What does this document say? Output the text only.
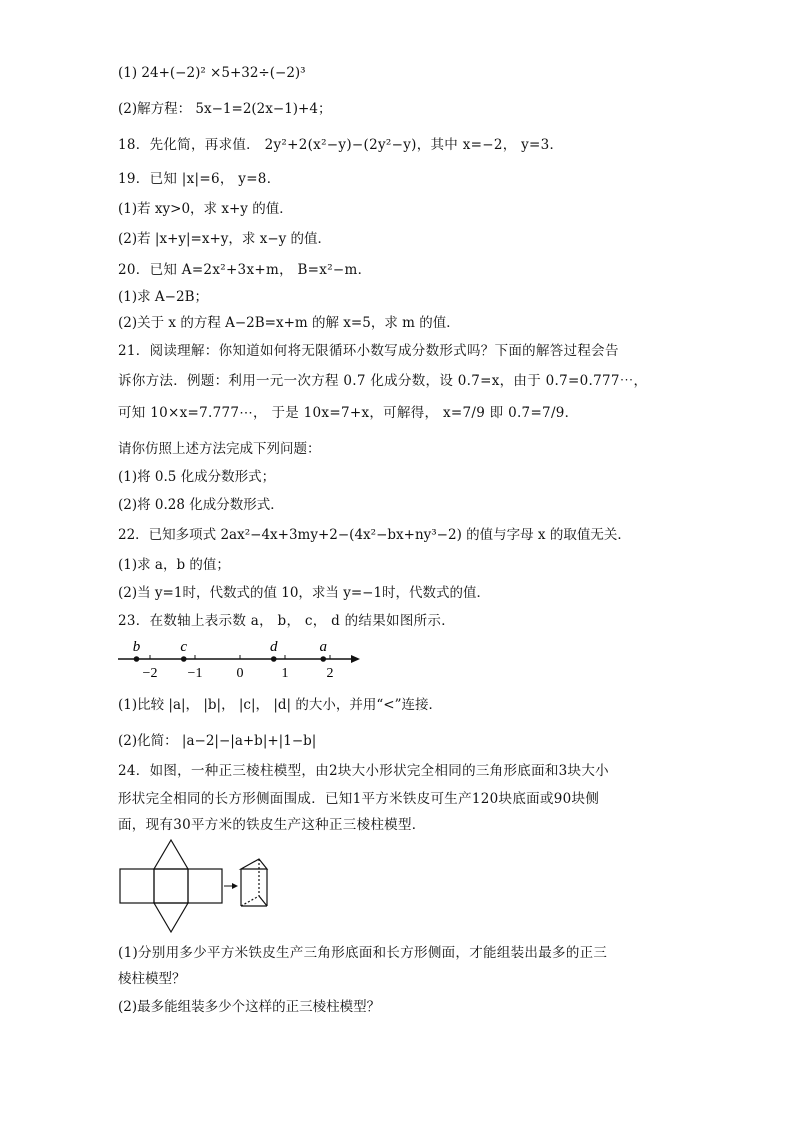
(1) 24+(−2)² ×5+32÷(−2)³
(2)解方程： 5x−1=2(2x−1)+4；
18．先化简，再求值． 2y²+2(x²−y)−(2y²−y)，其中 x=−2， y=3．
19．已知 |x|=6， y=8．
(1)若 xy>0，求 x+y 的值．
(2)若 |x+y|=x+y，求 x−y 的值．
20．已知 A=2x²+3x+m， B=x²−m．
(1)求 A−2B；
(2)关于 x 的方程 A−2B=x+m 的解 x=5，求 m 的值．
21．阅读理解：你知道如何将无限循环小数写成分数形式吗？下面的解答过程会告
诉你方法．例题：利用一元一次方程 0.7 化成分数，设 0.7̇=x，由于 0.7̇=0.777⋯，
可知 10×x=7.777⋯， 于是 10x=7+x，可解得， x=7/9 即 0.7̇=7/9．
请你仿照上述方法完成下列问题：
(1)将 0.5̇ 化成分数形式；
(2)将 0.2̇8̇ 化成分数形式．
22．已知多项式 2ax²−4x+3my+2−(4x²−bx+ny³−2) 的值与字母 x 的取值无关．
(1)求 a，b 的值；
(2)当 y=1时，代数式的值 10，求当 y=−1时，代数式的值．
23．在数轴上表示数 a， b， c， d 的结果如图所示．
−2 −1 0	1	2
b	c	d	a
(1)比较 |a|， |b|， |c|， |d| 的大小，并用“<”连接．
(2)化简： |a−2|−|a+b|+|1−b|
24．如图，一种正三棱柱模型，由2块大小形状完全相同的三角形底面和3块大小
形状完全相同的长方形侧面围成．已知1平方米铁皮可生产120块底面或90块侧
面，现有30平方米的铁皮生产这种正三棱柱模型．
(1)分别用多少平方米铁皮生产三角形底面和长方形侧面，才能组装出最多的正三
棱柱模型？
(2)最多能组装多少个这样的正三棱柱模型？
